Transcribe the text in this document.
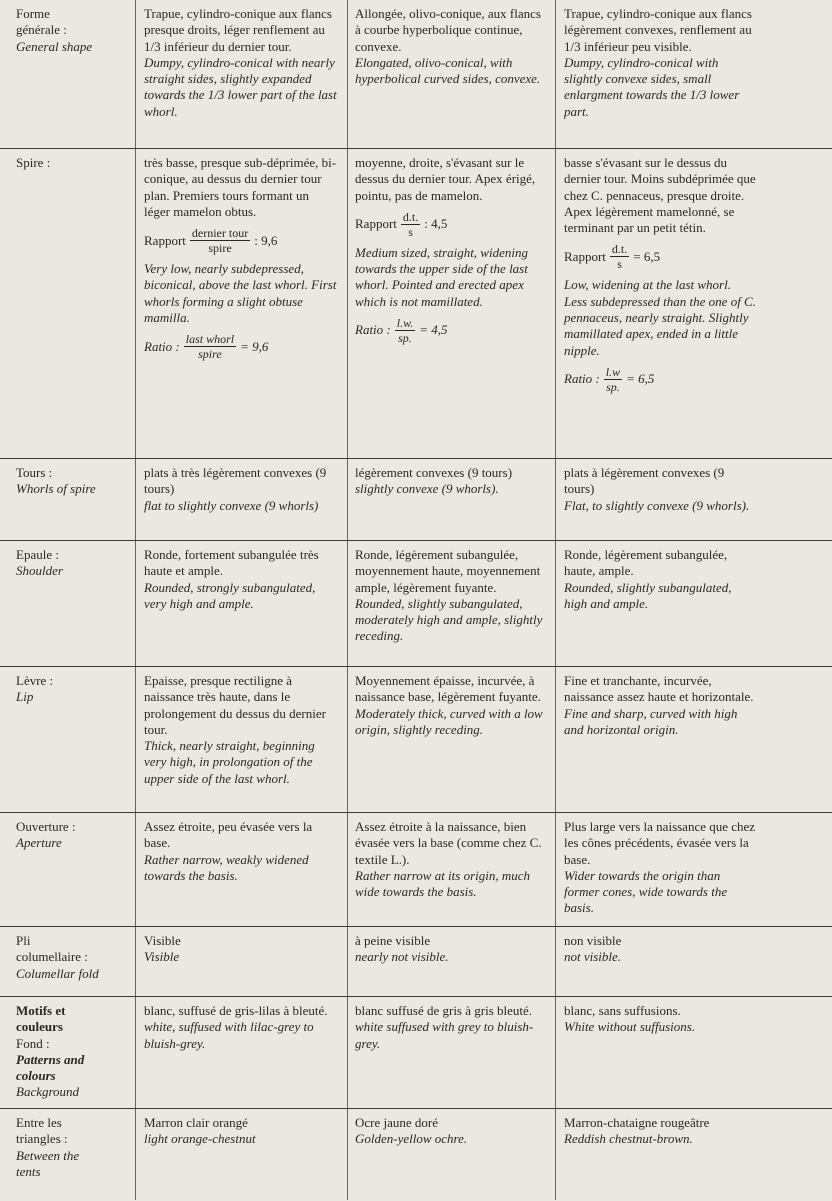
Forme
générale :
General shape
Trapue, cylindro-conique aux flancs presque droits, léger renflement au 1/3 inférieur du dernier tour.
Dumpy, cylindro-conical with nearly straight sides, slightly expanded towards the 1/3 lower part of the last whorl.
Allongée, olivo-conique, aux flancs à courbe hyperbolique continue, convexe.
Elongated, olivo-conical, with hyperbolical curved sides, convexe.
Trapue, cylindro-conique aux flancs légèrement convexes, renflement au 1/3 inférieur peu visible.
Dumpy, cylindro-conical with slightly convexe sides, small enlargment towards the 1/3 lower part.
Spire :	très basse, presque sub-déprimée, bi-conique, au dessus du dernier tour plan. Premiers tours formant un léger mamelon obtus.
Rapport $\frac{\text{dernier tour}}{\text{spire}}$ : 9,6
Very low, nearly subdepressed, biconical, above the last whorl. First whorls forming a slight obtuse mamilla.
Ratio : $\frac{\text{last whorl}}{\text{spire}} = 9,6$
moyenne, droite, s'évasant sur le dessus du dernier tour. Apex érigé, pointu, pas de mamelon.
Rapport $\frac{d.t.}{s}$ : 4,5
Medium sized, straight, widening towards the upper side of the last whorl. Pointed and erected apex which is not mamillated.
Ratio : $\frac{l.w.}{sp.} = 4,5$
basse s'évasant sur le dessus du dernier tour. Moins subdéprimée que chez C. pennaceus, presque droite. Apex légèrement mamelonné, se terminant par un petit tétin.
Rapport $\frac{d.t.}{s} = 6,5$
Low, widening at the last whorl. Less subdepressed than the one of C. pennaceus, nearly straight. Slightly mamillated apex, ended in a little nipple.
Ratio : $\frac{l.w}{sp.} = 6,5$
Tours :
Whorls of spire
plats à très légèrement convexes (9 tours)
flat to slightly convexe (9 whorls)
légèrement convexes (9 tours)
slightly convexe (9 whorls).
plats à légèrement convexes (9 tours)
Flat, to slightly convexe (9 whorls).
Epaule :
Shoulder
Ronde, fortement subangulée très haute et ample.
Rounded, strongly subangulated, very high and ample.
Ronde, légèrement subangulée, moyennement haute, moyennement ample, légèrement fuyante.
Rounded, slightly subangulated, moderately high and ample, slightly receding.
Ronde, légèrement subangulée, haute, ample.
Rounded, slightly subangulated, high and ample.
Lèvre :
Lip
Epaisse, presque rectiligne à naissance très haute, dans le prolongement du dessus du dernier tour.
Thick, nearly straight, beginning very high, in prolongation of the upper side of the last whorl.
Moyennement épaisse, incurvée, à naissance base, légèrement fuyante.
Moderately thick, curved with a low origin, slightly receding.
Fine et tranchante, incurvée, naissance assez haute et horizontale.
Fine and sharp, curved with high and horizontal origin.
Ouverture :
Aperture
Assez étroite, peu évasée vers la base.
Rather narrow, weakly widened towards the basis.
Assez étroite à la naissance, bien évasée vers la base (comme chez C. textile L.).
Rather narrow at its origin, much wide towards the basis.
Plus large vers la naissance que chez les cônes précédents, évasée vers la base.
Wider towards the origin than former cones, wide towards the basis.
Pli
columellaire :
Columellar fold
Visible
Visible
à peine visible
nearly not visible.
non visible
not visible.
Motifs et
couleurs
Fond :
Patterns and
colours
Background
blanc, suffusé de gris-lilas à bleuté.
white, suffused with lilac-grey to bluish-grey.
blanc suffusé de gris à gris bleuté.
white suffused with grey to bluish-grey.
blanc, sans suffusions.
White without suffusions.
Entre les
triangles :
Between the
tents
Marron clair orangé
light orange-chestnut
Ocre jaune doré
Golden-yellow ochre.
Marron-chataigne rougeâtre
Reddish chestnut-brown.
